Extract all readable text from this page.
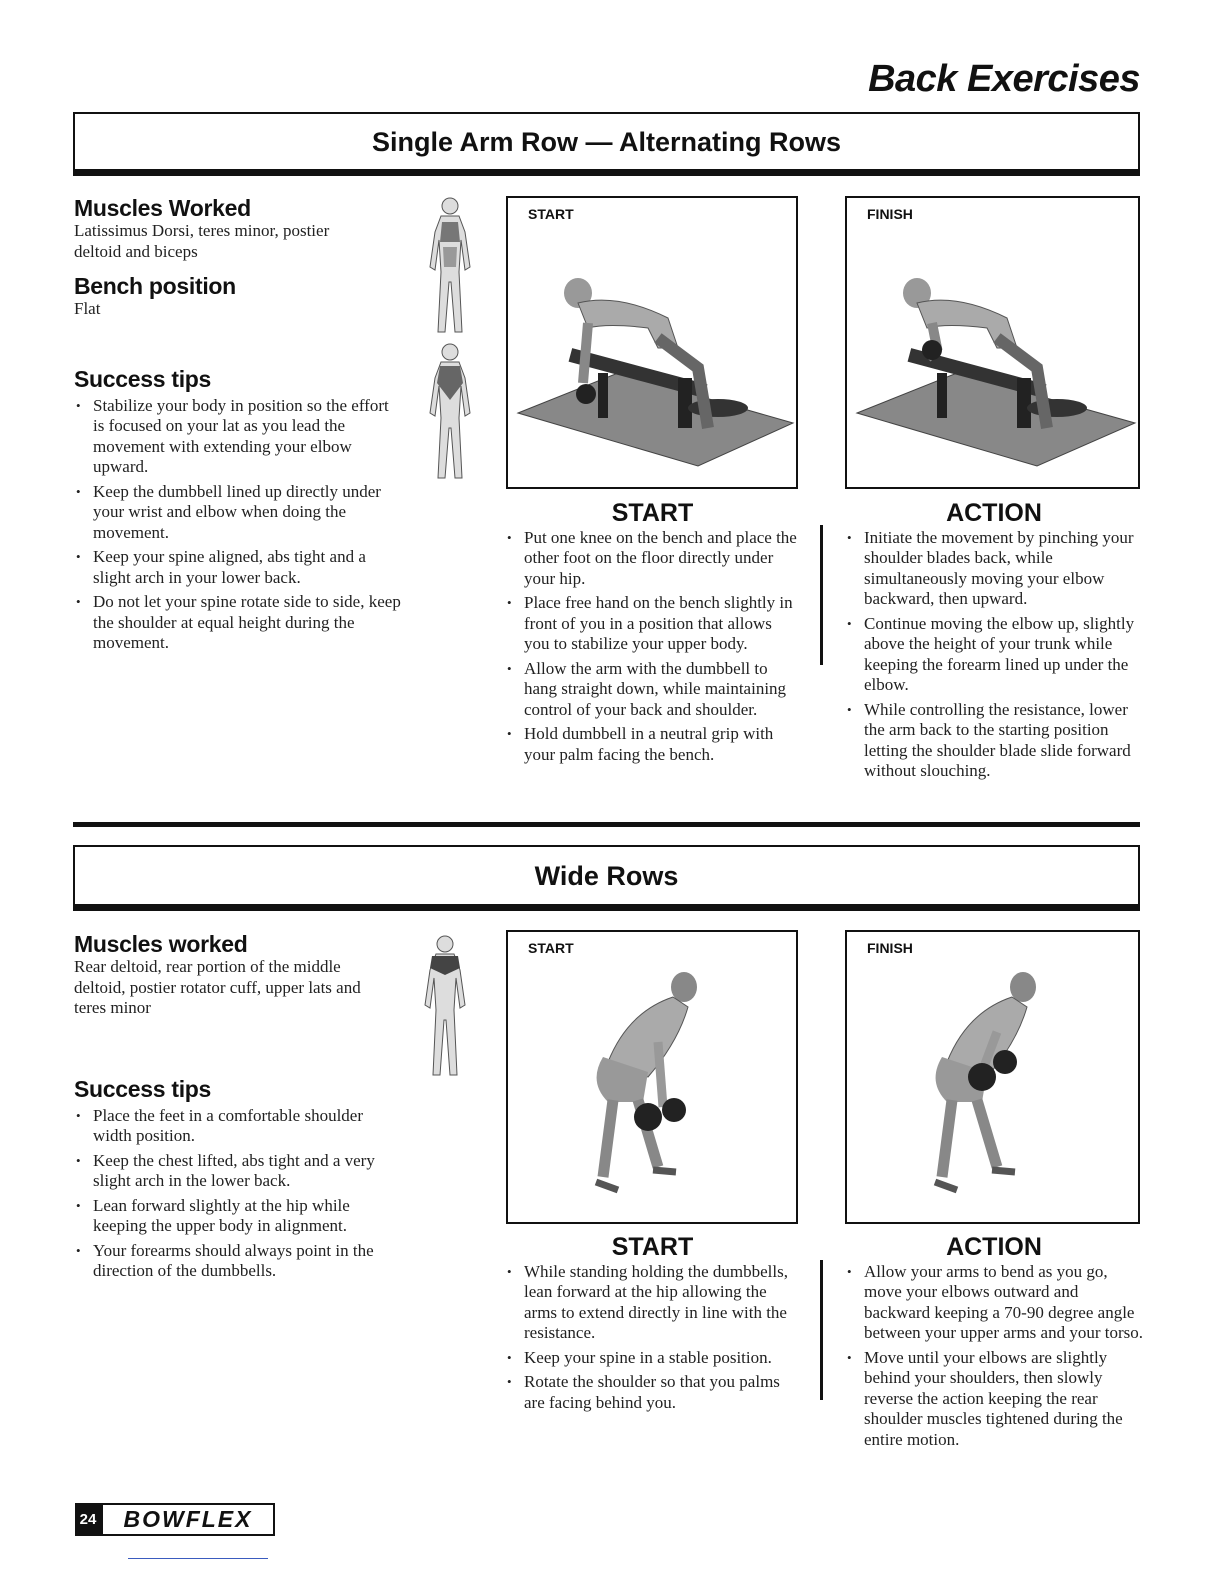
Back Exercises
Single Arm Row — Alternating Rows

Muscles Worked

Latissimus Dorsi, teres minor, postier deltoid and biceps

Bench position

Flat

Success tips

• Stabilize your body in position so the effort is focused on your lat as you lead the movement with extending your elbow upward.
• Keep the dumbbell lined up directly under your wrist and elbow when doing the movement.
• Keep your spine aligned, abs tight and a slight arch in your lower back.
• Do not let your spine rotate side to side, keep the shoulder at equal height during the movement.
START	FINISH

START

• Put one knee on the bench and place the other foot on the floor directly under your hip.
• Place free hand on the bench slightly in front of you in a position that allows you to stabilize your upper body.
• Allow the arm with the dumbbell to hang straight down, while maintaining control of your back and shoulder.
• Hold dumbbell in a neutral grip with your palm facing the bench.

ACTION

• Initiate the movement by pinching your shoulder blades back, while simultaneously moving your elbow backward, then upward.
• Continue moving the elbow up, slightly above the height of your trunk while keeping the forearm lined up under the elbow.
• While controlling the resistance, lower the arm back to the starting position letting the shoulder blade slide forward without slouching.
Wide Rows

Muscles worked

Rear deltoid, rear portion of the middle deltoid, postier rotator cuff, upper lats and teres minor

Success tips

• Place the feet in a comfortable shoulder width position.
• Keep the chest lifted, abs tight and a very slight arch in the lower back.
• Lean forward slightly at the hip while keeping the upper body in alignment.
• Your forearms should always point in the direction of the dumbbells.
START	FINISH

START

• While standing holding the dumbbells, lean forward at the hip allowing the arms to extend directly in line with the resistance.
• Keep your spine in a stable position.
• Rotate the shoulder so that you palms are facing behind you.

ACTION

• Allow your arms to bend as you go, move your elbows outward and backward keeping a 70-90 degree angle between your upper arms and your torso.
• Move until your elbows are slightly behind your shoulders, then slowly reverse the action keeping the rear shoulder muscles tightened during the entire motion.
24	BOWFLEX
